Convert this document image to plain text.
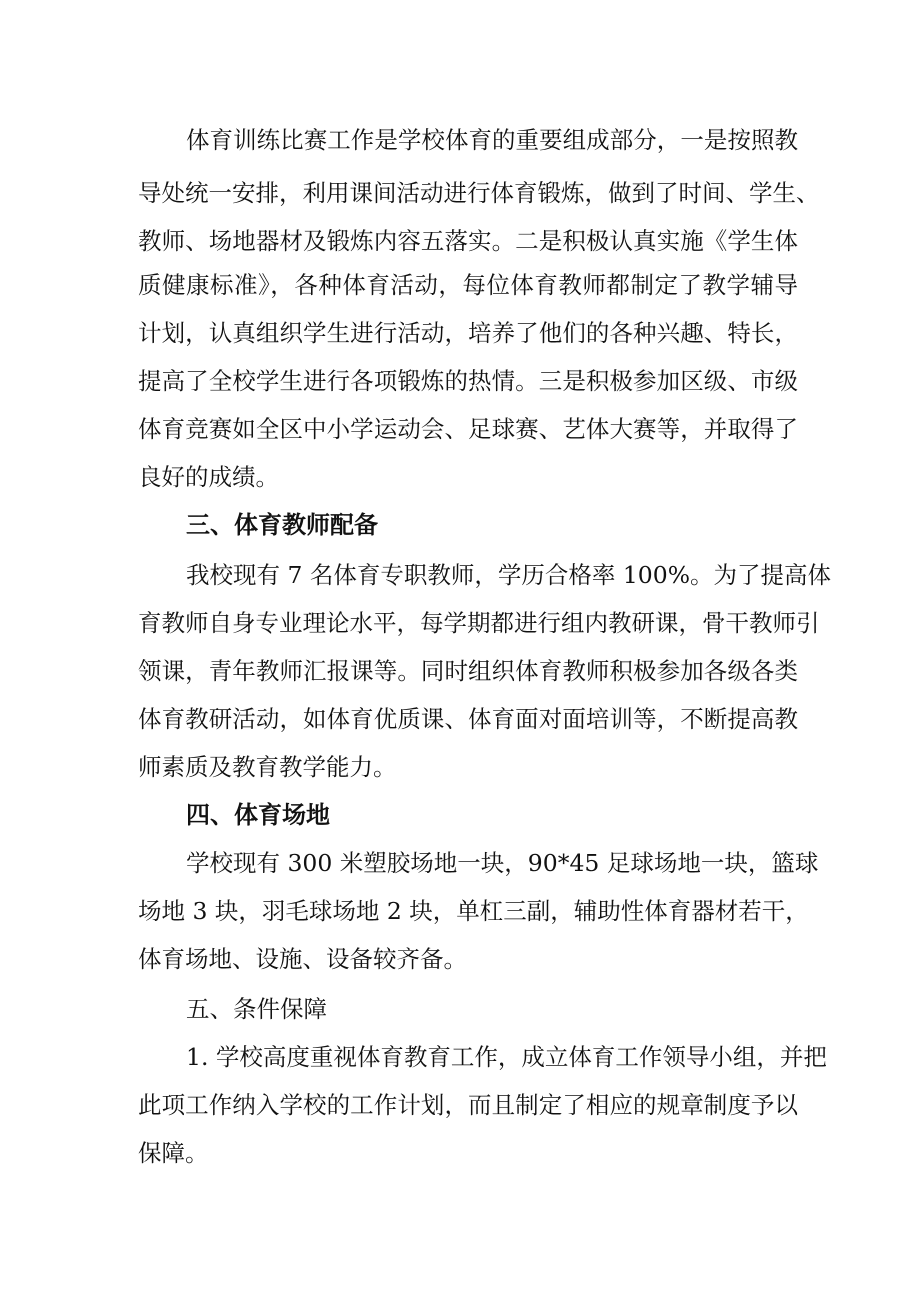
体育训练比赛工作是学校体育的重要组成部分，一是按照教
导处统一安排，利用课间活动进行体育锻炼，做到了时间、学生、
教师、场地器材及锻炼内容五落实。二是积极认真实施《学生体
质健康标准》，各种体育活动，每位体育教师都制定了教学辅导
计划，认真组织学生进行活动，培养了他们的各种兴趣、特长，
提高了全校学生进行各项锻炼的热情。三是积极参加区级、市级
体育竞赛如全区中小学运动会、足球赛、艺体大赛等，并取得了
良好的成绩。
三、体育教师配备
我校现有 7 名体育专职教师，学历合格率 100%。为了提高体
育教师自身专业理论水平，每学期都进行组内教研课，骨干教师引
领课，青年教师汇报课等。同时组织体育教师积极参加各级各类
体育教研活动，如体育优质课、体育面对面培训等，不断提高教
师素质及教育教学能力。
四、体育场地
学校现有 300 米塑胶场地一块，90*45 足球场地一块，篮球
场地 3 块，羽毛球场地 2 块，单杠三副，辅助性体育器材若干，
体育场地、设施、设备较齐备。
五、条件保障
1. 学校高度重视体育教育工作，成立体育工作领导小组，并把
此项工作纳入学校的工作计划，而且制定了相应的规章制度予以
保障。
